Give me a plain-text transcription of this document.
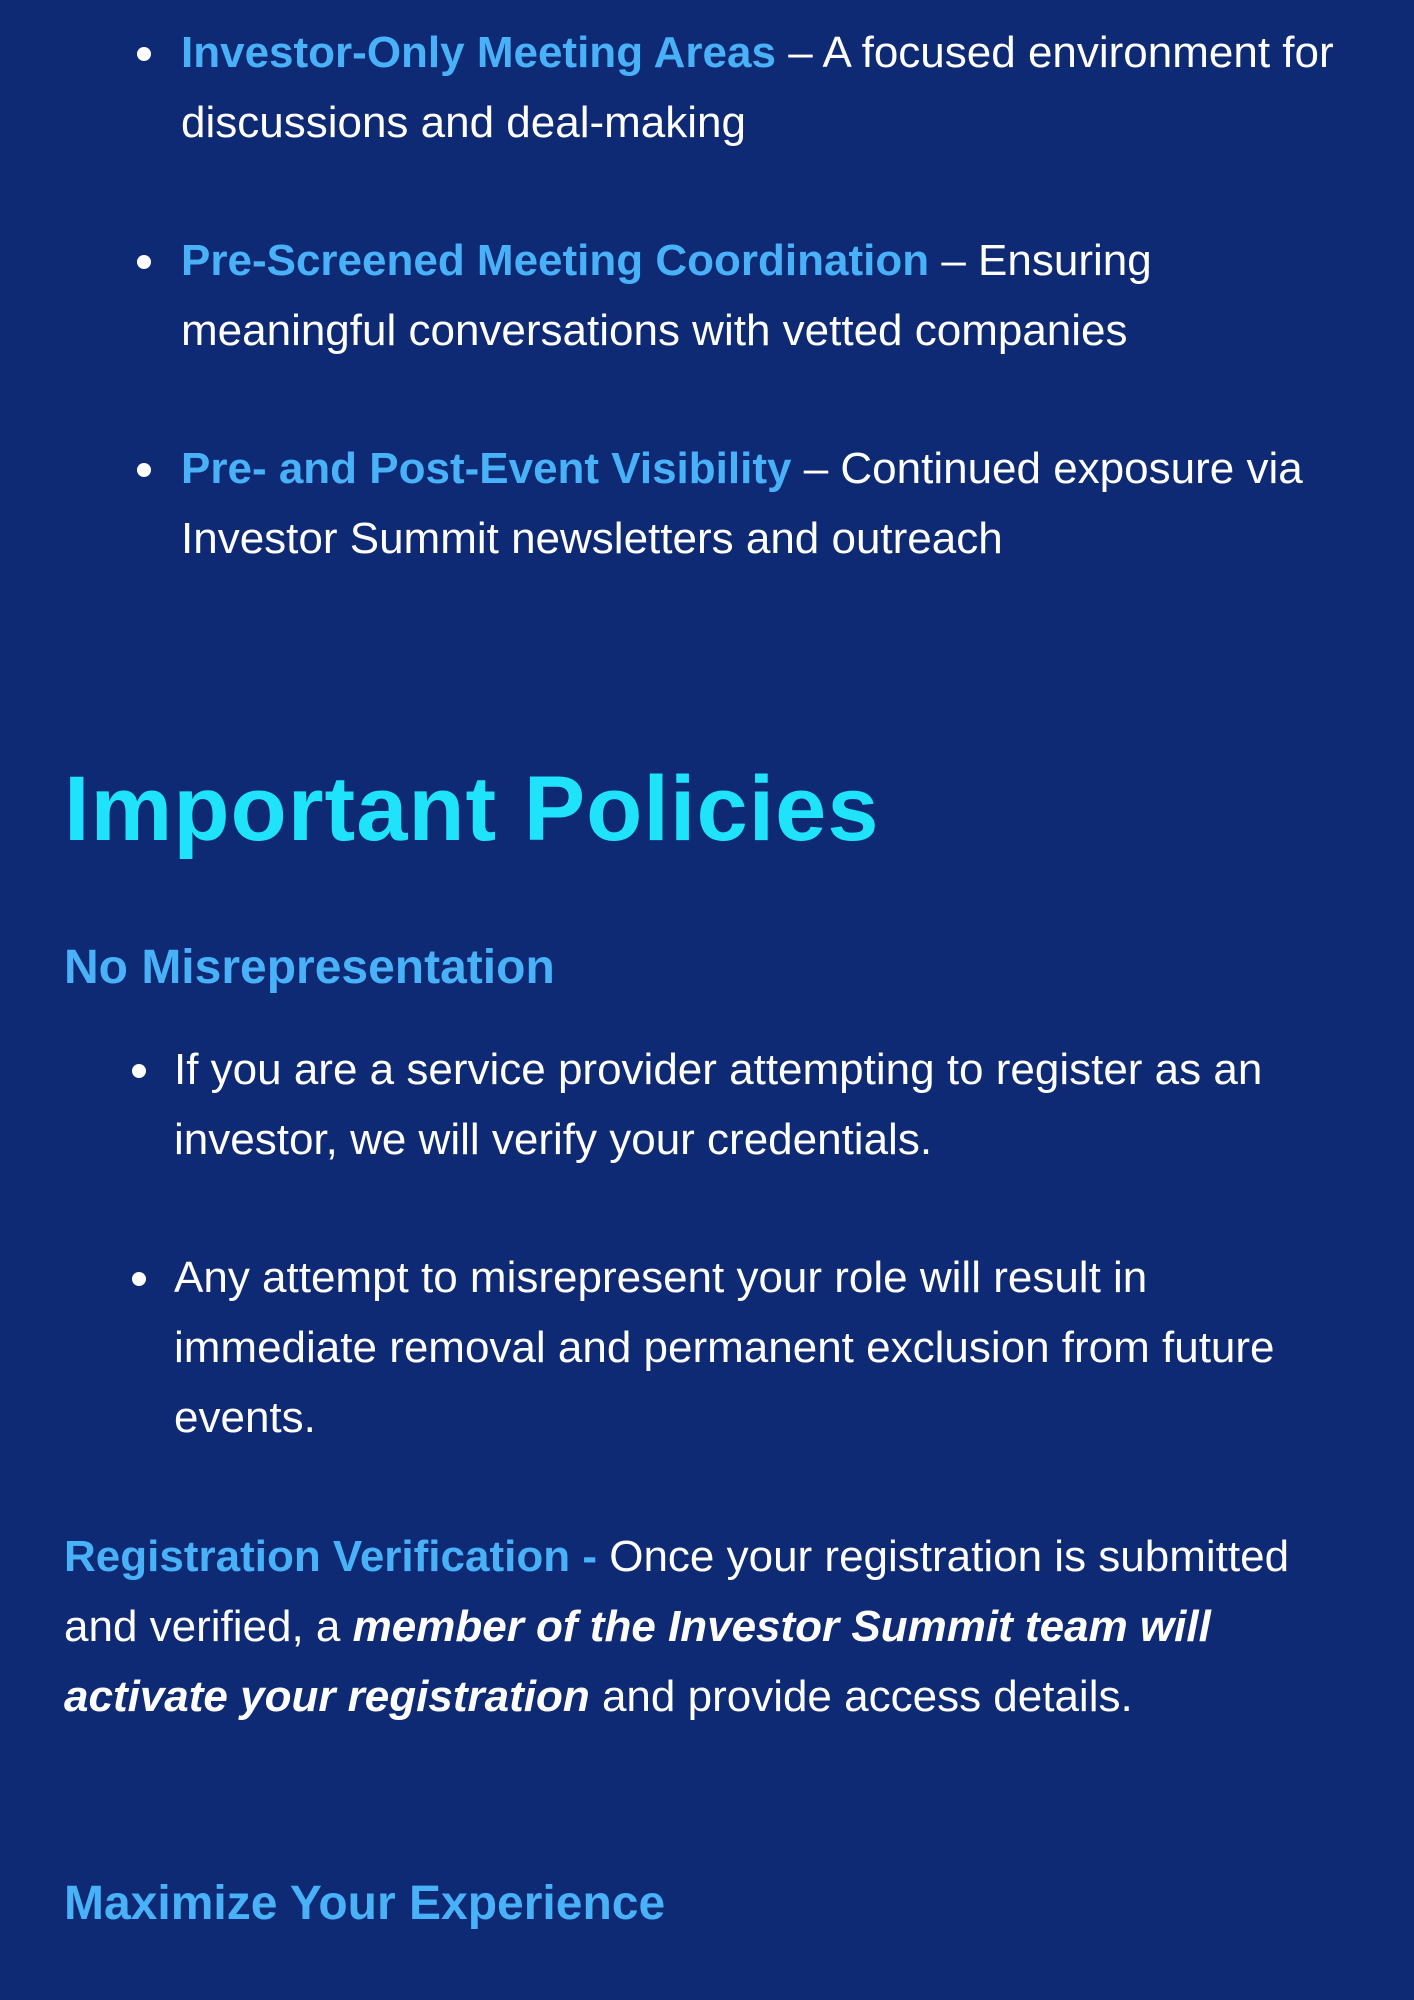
Investor-Only Meeting Areas – A focused environment for discussions and deal-making
Pre-Screened Meeting Coordination – Ensuring meaningful conversations with vetted companies
Pre- and Post-Event Visibility – Continued exposure via Investor Summit newsletters and outreach
Important Policies
No Misrepresentation
If you are a service provider attempting to register as an investor, we will verify your credentials.
Any attempt to misrepresent your role will result in immediate removal and permanent exclusion from future events.
Registration Verification - Once your registration is submitted and verified, a member of the Investor Summit team will activate your registration and provide access details.
Maximize Your Experience
